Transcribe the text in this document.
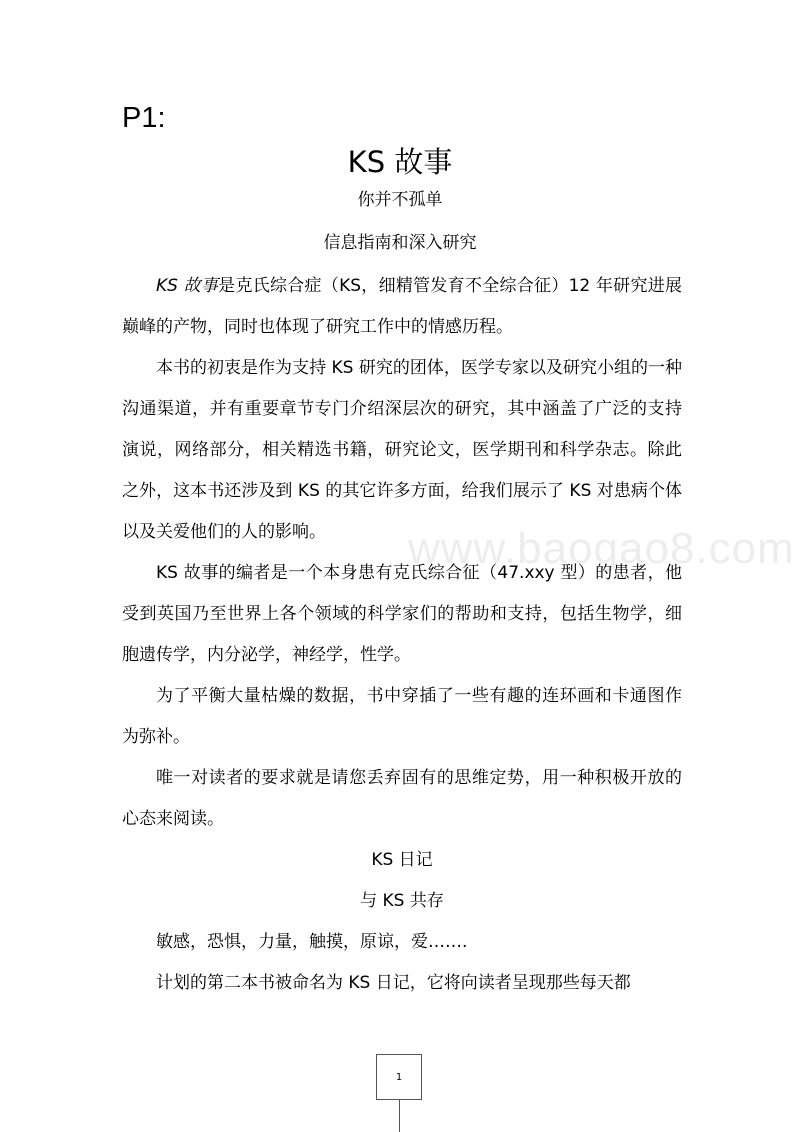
P1:
KS 故事
你并不孤单
信息指南和深入研究

KS 故事是克氏综合症（KS，细精管发育不全综合征）12 年研究进展巅峰的产物，同时也体现了研究工作中的情感历程。

本书的初衷是作为支持 KS 研究的团体，医学专家以及研究小组的一种沟通渠道，并有重要章节专门介绍深层次的研究，其中涵盖了广泛的支持演说，网络部分，相关精选书籍，研究论文，医学期刊和科学杂志。除此之外，这本书还涉及到 KS 的其它许多方面，给我们展示了 KS 对患病个体以及关爱他们的人的影响。

KS 故事的编者是一个本身患有克氏综合征（47.xxy 型）的患者，他受到英国乃至世界上各个领域的科学家们的帮助和支持，包括生物学，细胞遗传学，内分泌学，神经学，性学。

为了平衡大量枯燥的数据，书中穿插了一些有趣的连环画和卡通图作为弥补。

唯一对读者的要求就是请您丢弃固有的思维定势，用一种积极开放的心态来阅读。

KS 日记

与 KS 共存

敏感，恐惧，力量，触摸，原谅，爱…….

计划的第二本书被命名为 KS 日记，它将向读者呈现那些每天都

www.baogao8.com
1
